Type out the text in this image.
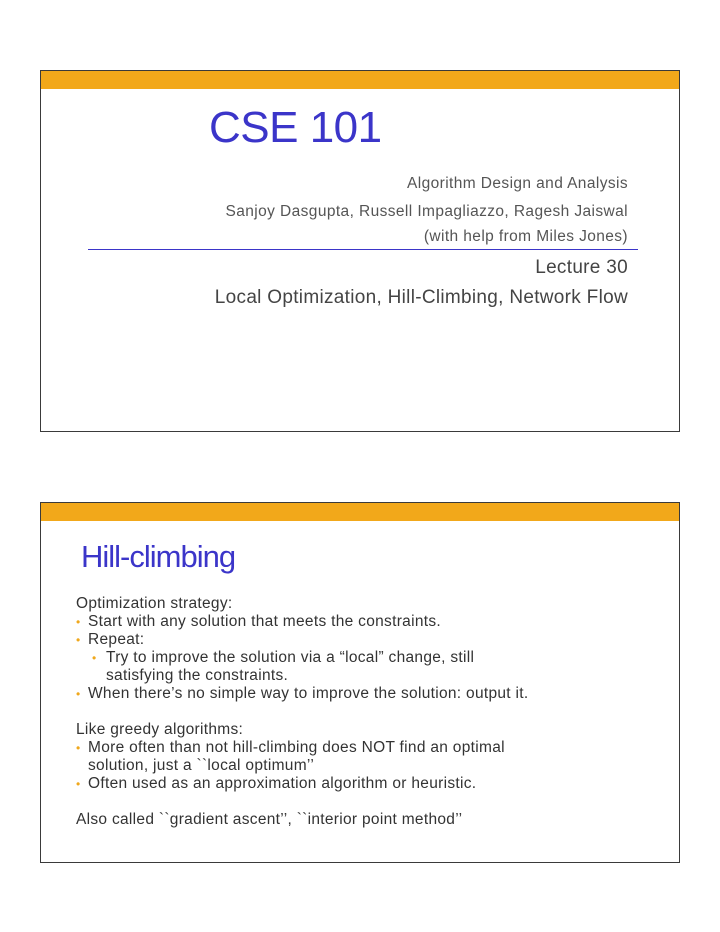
CSE 101
Algorithm Design and Analysis
Sanjoy Dasgupta, Russell Impagliazzo, Ragesh Jaiswal
(with help from Miles Jones)
Lecture 30
Local Optimization, Hill-Climbing, Network Flow
Hill-climbing
Optimization strategy:
• Start with any solution that meets the constraints.
• Repeat:
• Try to improve the solution via a “local” change, still
satisfying the constraints.
• When there’s no simple way to improve the solution: output it.
Like greedy algorithms:
• More often than not hill-climbing does NOT find an optimal
solution, just a ``local optimum’’
• Often used as an approximation algorithm or heuristic.
Also called ``gradient ascent’’, ``interior point method’’
